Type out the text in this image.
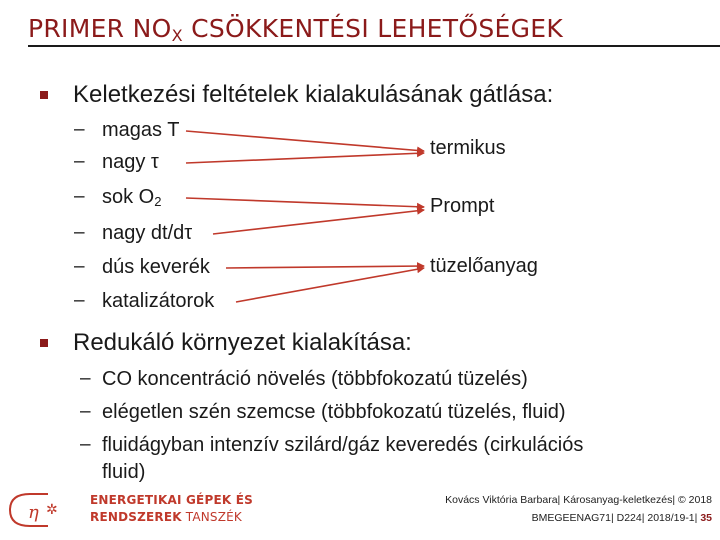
PRIMER $NO_X$ CSÖKKENTÉSI LEHETŐSÉGEK
Keletkezési feltételek kialakulásának gátlása:
– magas T
– nagy τ
– sok $O_2$
– nagy dt/dτ
– dús keverék
– katalizátorok
termikus
Prompt
tüzelőanyag
Redukáló környezet kialakítása:
– CO koncentráció növelés (többfokozatú tüzelés)
– elégetlen szén szemcse (többfokozatú tüzelés, fluid)
– fluidágyban intenzív szilárd/gáz keveredés (cirkulációs
fluid)
η ✲
ENERGETIKAI GÉPEK ÉS
RENDSZEREK TANSZÉK
Kovács Viktória Barbara| Károsanyag-keletkezés| © 2018
BMEGEENAG71| D224| 2018/19-1| 35
